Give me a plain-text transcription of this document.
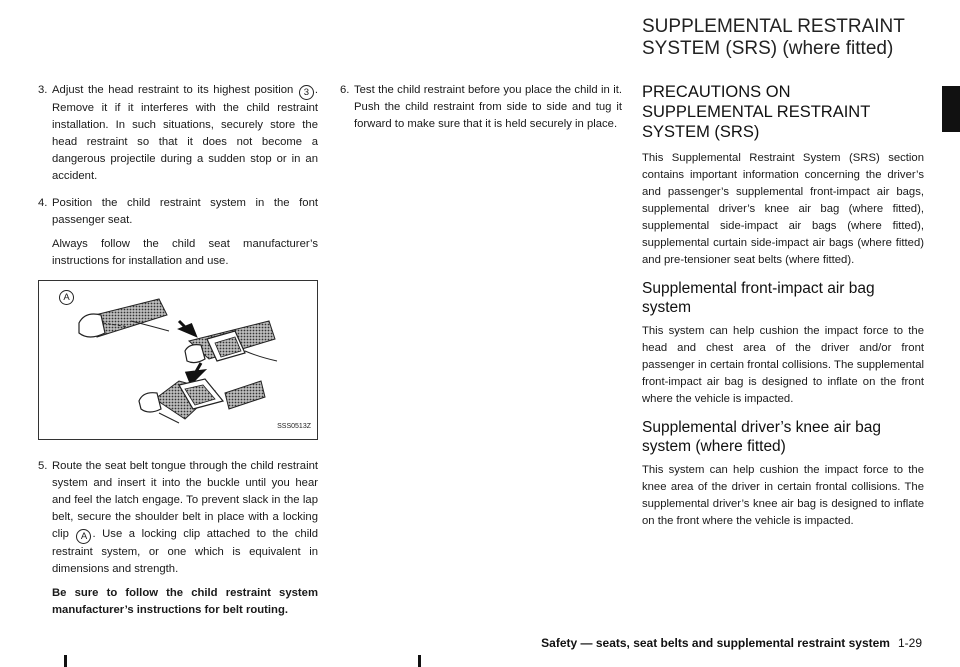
SUPPLEMENTAL RESTRAINT
SYSTEM (SRS) (where fitted)
3. Adjust the head restraint to its highest position 3 . Remove it if it interferes with the child restraint installation. In such situations, securely store the head restraint so that it does not become a dangerous projectile during a sudden stop or in an accident.

4. Position the child restraint system in the font passenger seat.

Always follow the child seat manufacturer’s instructions for installation and use.

A
SSS0513Z
5. Route the seat belt tongue through the child restraint system and insert it into the buckle until you hear and feel the latch engage. To prevent slack in the lap belt, secure the shoulder belt in place with a locking clip A . Use a locking clip attached to the child restraint system, or one which is equivalent in dimensions and strength.

Be sure to follow the child restraint system manufacturer’s instructions for belt routing.

6. Test the child restraint before you place the child in it. Push the child restraint from side to side and tug it forward to make sure that it is held securely in place.

PRECAUTIONS ON SUPPLEMENTAL RESTRAINT SYSTEM (SRS)

This Supplemental Restraint System (SRS) section contains important information concerning the driver’s and passenger’s supplemental front-impact air bags, supplemental driver’s knee air bag (where fitted), supplemental side-impact air bags (where fitted), supplemental curtain side-impact air bags (where fitted) and pre-tensioner seat belts (where fitted).

Supplemental front-impact air bag system

This system can help cushion the impact force to the head and chest area of the driver and/or front passenger in certain frontal collisions. The supplemental front-impact air bag is designed to inflate on the front where the vehicle is impacted.

Supplemental driver’s knee air bag system (where fitted)

This system can help cushion the impact force to the knee area of the driver in certain frontal collisions. The supplemental driver’s knee air bag is designed to inflate on the front where the vehicle is impacted.

Safety — seats, seat belts and supplemental restraint system 1-29
